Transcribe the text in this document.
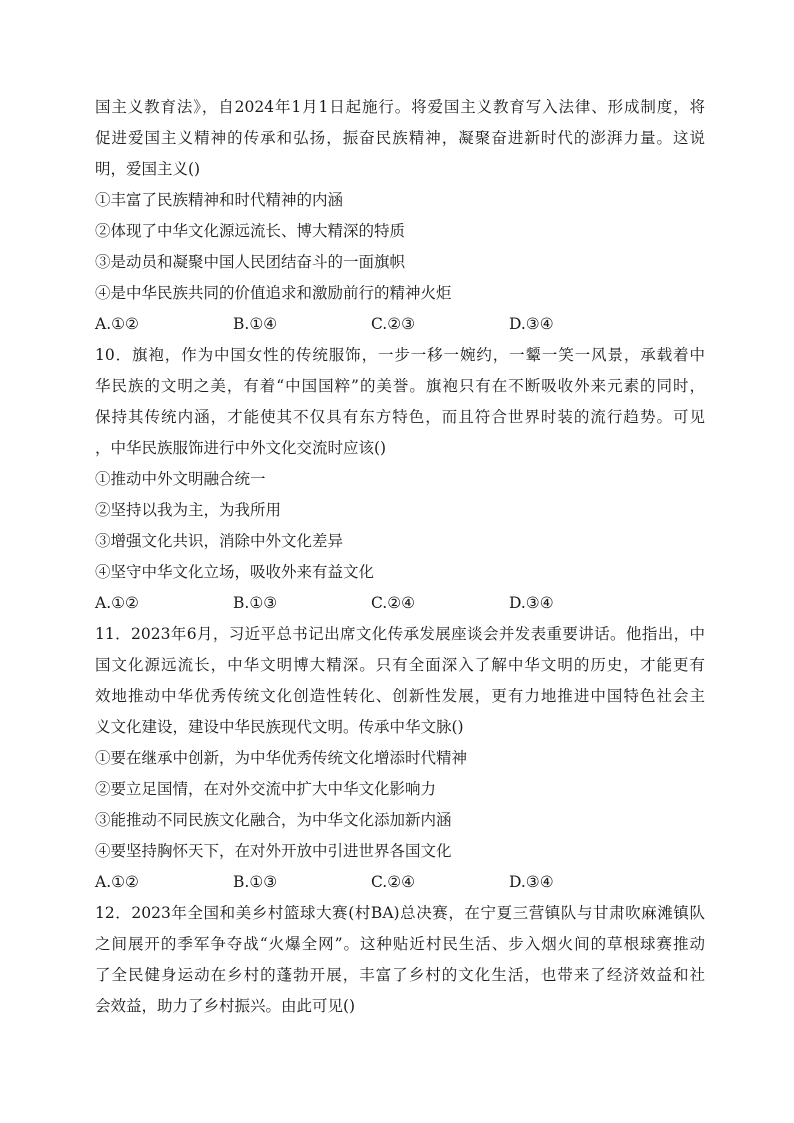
国主义教育法》，自2024年1月1日起施行。将爱国主义教育写入法律、形成制度，将
促进爱国主义精神的传承和弘扬，振奋民族精神，凝聚奋进新时代的澎湃力量。这说
明，爱国主义()
①丰富了民族精神和时代精神的内涵
②体现了中华文化源远流长、博大精深的特质
③是动员和凝聚中国人民团结奋斗的一面旗帜
④是中华民族共同的价值追求和激励前行的精神火炬
A.①②	B.①④	C.②③	D.③④
10．旗袍，作为中国女性的传统服饰，一步一移一婉约，一颦一笑一风景，承载着中
华民族的文明之美，有着“中国国粹”的美誉。旗袍只有在不断吸收外来元素的同时，
保持其传统内涵，才能使其不仅具有东方特色，而且符合世界时装的流行趋势。可见
，中华民族服饰进行中外文化交流时应该()
①推动中外文明融合统一
②坚持以我为主，为我所用
③增强文化共识，消除中外文化差异
④坚守中华文化立场，吸收外来有益文化
A.①②	B.①③	C.②④	D.③④
11．2023年6月，习近平总书记出席文化传承发展座谈会并发表重要讲话。他指出，中
国文化源远流长，中华文明博大精深。只有全面深入了解中华文明的历史，才能更有
效地推动中华优秀传统文化创造性转化、创新性发展，更有力地推进中国特色社会主
义文化建设，建设中华民族现代文明。传承中华文脉()
①要在继承中创新，为中华优秀传统文化增添时代精神
②要立足国情，在对外交流中扩大中华文化影响力
③能推动不同民族文化融合，为中华文化添加新内涵
④要坚持胸怀天下，在对外开放中引进世界各国文化
A.①②	B.①③	C.②④	D.③④
12．2023年全国和美乡村篮球大赛(村BA)总决赛，在宁夏三营镇队与甘肃吹麻滩镇队
之间展开的季军争夺战“火爆全网”。这种贴近村民生活、步入烟火间的草根球赛推动
了全民健身运动在乡村的蓬勃开展，丰富了乡村的文化生活，也带来了经济效益和社
会效益，助力了乡村振兴。由此可见()
